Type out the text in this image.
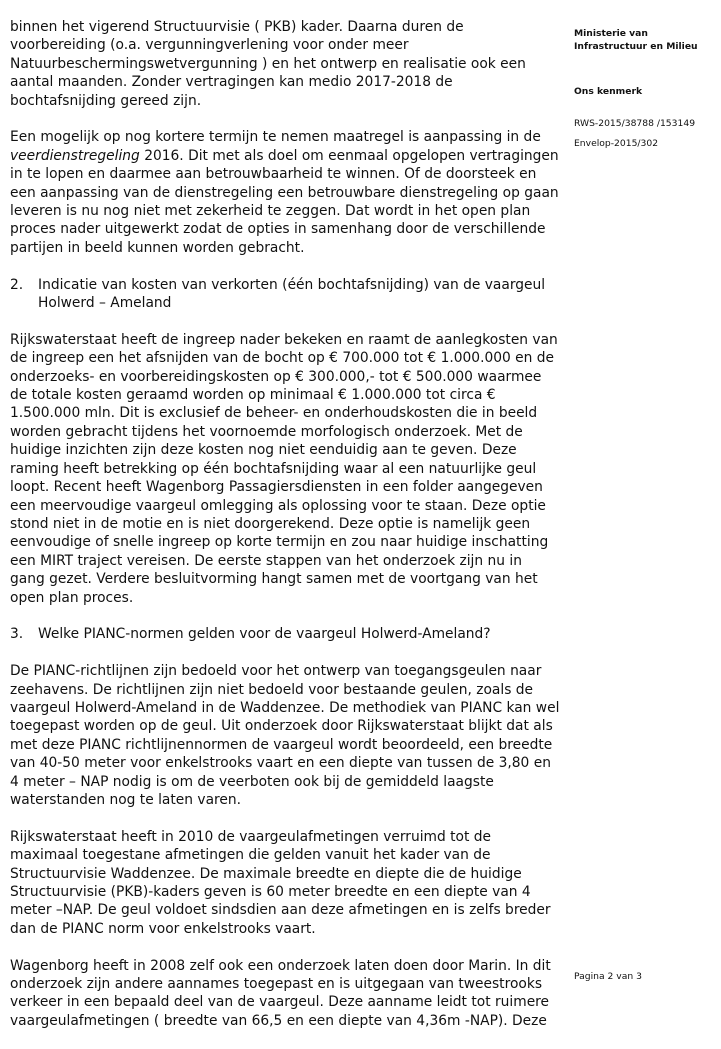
binnen het vigerend Structuurvisie ( PKB) kader. Daarna duren de voorbereiding (o.a. vergunningverlening voor onder meer Natuurbeschermingswetvergunning ) en het ontwerp en realisatie ook een aantal maanden. Zonder vertragingen kan medio 2017-2018 de bochtafsnijding gereed zijn.

Een mogelijk op nog kortere termijn te nemen maatregel is aanpassing in de veerdienstregeling 2016. Dit met als doel om eenmaal opgelopen vertragingen in te lopen en daarmee aan betrouwbaarheid te winnen. Of de doorsteek en een aanpassing van de dienstregeling een betrouwbare dienstregeling op gaan leveren is nu nog niet met zekerheid te zeggen. Dat wordt in het open plan proces nader uitgewerkt zodat de opties in samenhang door de verschillende partijen in beeld kunnen worden gebracht.

2.	Indicatie van kosten van verkorten (één bochtafsnijding) van de vaargeul Holwerd – Ameland

Rijkswaterstaat heeft de ingreep nader bekeken en raamt de aanlegkosten van de ingreep een het afsnijden van de bocht op € 700.000 tot € 1.000.000 en de onderzoeks- en voorbereidingskosten op € 300.000,- tot € 500.000 waarmee de totale kosten geraamd worden op minimaal € 1.000.000 tot circa € 1.500.000 mln. Dit is exclusief de beheer- en onderhoudskosten die in beeld worden gebracht tijdens het voornoemde morfologisch onderzoek. Met de huidige inzichten zijn deze kosten nog niet eenduidig aan te geven. Deze raming heeft betrekking op één bochtafsnijding waar al een natuurlijke geul loopt. Recent heeft Wagenborg Passagiersdiensten in een folder aangegeven een meervoudige vaargeul omlegging als oplossing voor te staan. Deze optie stond niet in de motie en is niet doorgerekend. Deze optie is namelijk geen eenvoudige of snelle ingreep op korte termijn en zou naar huidige inschatting een MIRT traject vereisen. De eerste stappen van het onderzoek zijn nu in gang gezet. Verdere besluitvorming hangt samen met de voortgang van het open plan proces.

3.	Welke PIANC-normen gelden voor de vaargeul Holwerd-Ameland?

De PIANC-richtlijnen zijn bedoeld voor het ontwerp van toegangsgeulen naar zeehavens. De richtlijnen zijn niet bedoeld voor bestaande geulen, zoals de vaargeul Holwerd-Ameland in de Waddenzee. De methodiek van PIANC kan wel toegepast worden op de geul. Uit onderzoek door Rijkswaterstaat blijkt dat als met deze PIANC richtlijnennormen de vaargeul wordt beoordeeld, een breedte van 40-50 meter voor enkelstrooks vaart en een diepte van tussen de 3,80 en 4 meter – NAP nodig is om de veerboten ook bij de gemiddeld laagste waterstanden nog te laten varen.

Rijkswaterstaat heeft in 2010 de vaargeulafmetingen verruimd tot de maximaal toegestane afmetingen die gelden vanuit het kader van de Structuurvisie Waddenzee. De maximale breedte en diepte die de huidige Structuurvisie (PKB)-kaders geven is 60 meter breedte en een diepte van 4 meter –NAP. De geul voldoet sindsdien aan deze afmetingen en is zelfs breder dan de PIANC norm voor enkelstrooks vaart.

Wagenborg heeft in 2008 zelf ook een onderzoek laten doen door Marin. In dit onderzoek zijn andere aannames toegepast en is uitgegaan van tweestrooks verkeer in een bepaald deel van de vaargeul. Deze aanname leidt tot ruimere vaargeulafmetingen ( breedte van 66,5 en een diepte van 4,36m -NAP). Deze

Ministerie van
Infrastructuur en Milieu
Ons kenmerk
RWS-2015/38788 /153149
Envelop-2015/302
Pagina 2 van 3
